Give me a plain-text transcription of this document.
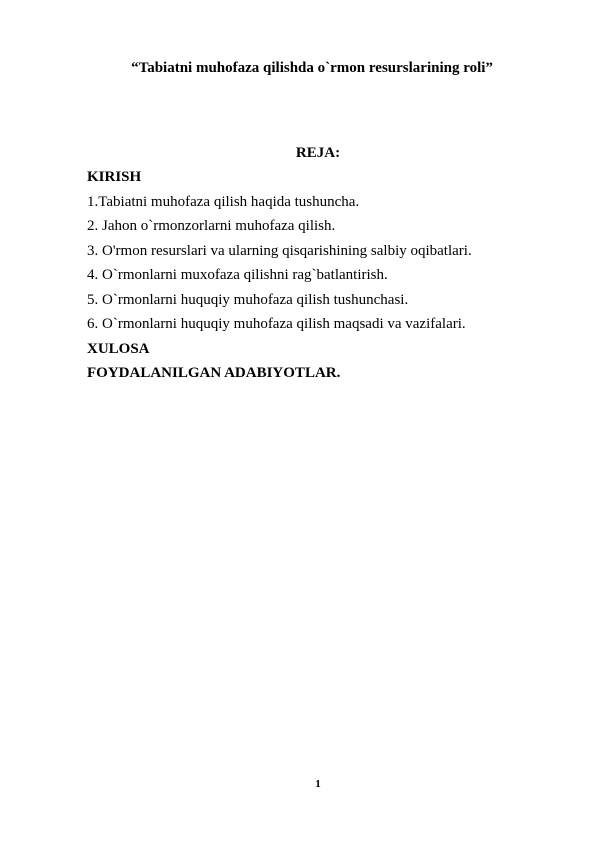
“Tabiatni muhofaza qilishda o`rmon resurslarining roli”
REJA:
KIRISH
1.Tabiatni muhofaza qilish haqida tushuncha.
2. Jahon o`rmonzorlarni muhofaza qilish.
3. O'rmon resurslari va ularning qisqarishining salbiy oqibatlari.
4. O`rmonlarni muxofaza qilishni rag`batlantirish.
5. O`rmonlarni huquqiy muhofaza qilish tushunchasi.
6. O`rmonlarni huquqiy muhofaza qilish maqsadi va vazifalari.
XULOSA
FOYDALANILGAN ADABIYOTLAR.
1
